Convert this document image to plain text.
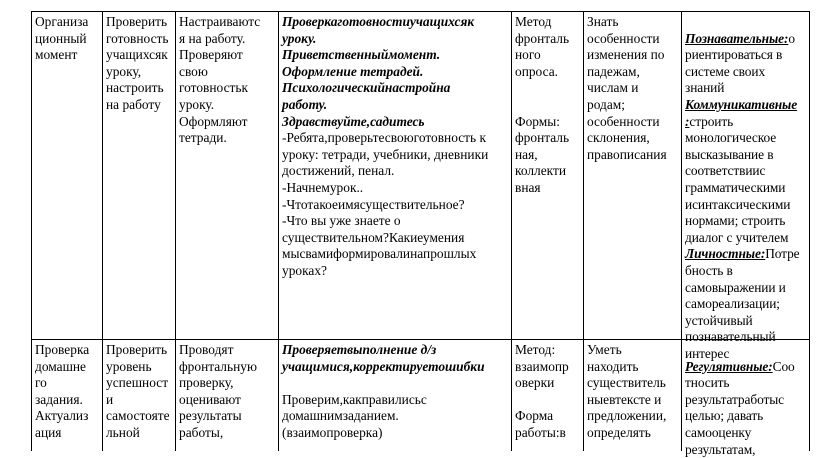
Организа
ционный
момент
Проверить
готовность
учащихсяк
уроку,
настроить
на работу
Настраиваютс
я на работу.
Проверяют
свою
готовностьк
уроку.
Оформляют
тетради.
Проверкаготовностиучащихсяк
уроку.
Приветственныймомент.
Оформление тетрадей.
Психологическийнастройна
работу.
Здравствуйте,садитесь
-Ребята,проверьтесвоюготовность к
уроку: тетради, учебники, дневники
достижений, пенал.
-Начнемурок..
-Чтотакоеимясуществительное?
-Что вы уже знаете о
существительном?Какиеумения
мысвамиформировалинапрошлых
уроках?
Метод
фронталь
ного
опроса.

Формы:
фронталь
ная,
коллекти
вная
Знать
особенности
изменения по
падежам,
числам и
родам;
особенности
склонения,
правописания

Познавательные:о
риентироваться в
системе своих
знаний
Коммуникативные
:строить
монологическое
высказывание в
соответствиис
грамматическими
исинтаксическими
нормами; строить
диалог с учителем
Личностные:Потре
бность в
самовыражении и
самореализации;
устойчивый
познавательный
интерес

Проверка
домашне
го
задания.
Актуализ
ация
Проверить
уровень
успешност
и
самостояте
льной
Проводят
фронтальную
проверку,
оценивают
результаты
работы,
Проверяетвыполнение д/з
учащимися,корректируетошибки
Проверим,какправилисьс
домашнимзаданием.
(взаимопроверка)
Метод:
взаимопр
оверки

Форма
работы:в
Уметь
находить
существитель
ныевтексте и
предложении,
определять

Регулятивные:Соо
тносить
результатработыс
целью; давать
самооценку
результатам,
